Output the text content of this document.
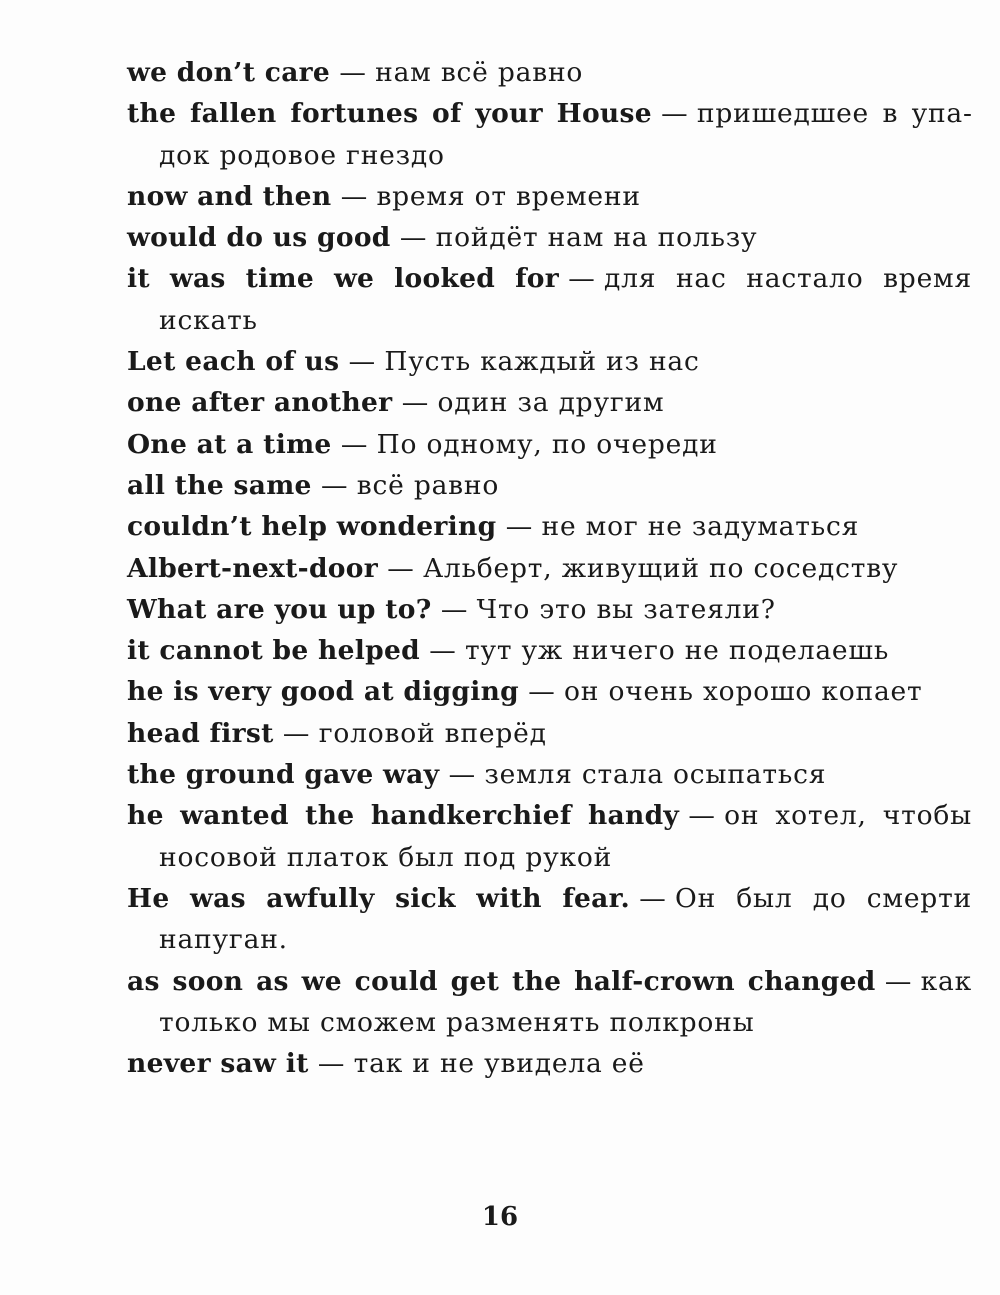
we don’t care — нам всё равно
the fallen fortunes of your House — пришедшее в упадок родовое гнездо
now and then — время от времени
would do us good — пойдёт нам на пользу
it was time we looked for — для нас настало время искать
Let each of us — Пусть каждый из нас
one after another — один за другим
One at a time — По одному, по очереди
all the same — всё равно
couldn’t help wondering — не мог не задуматься
Albert-next-door — Альберт, живущий по соседству
What are you up to? — Что это вы затеяли?
it cannot be helped — тут уж ничего не поделаешь
he is very good at digging — он очень хорошо копает
head first — головой вперёд
the ground gave way — земля стала осыпаться
he wanted the handkerchief handy — он хотел, чтобы носовой платок был под рукой
He was awfully sick with fear. — Он был до смерти напуган.
as soon as we could get the half-crown changed — как только мы сможем разменять полкроны
never saw it — так и не увидела её
16
